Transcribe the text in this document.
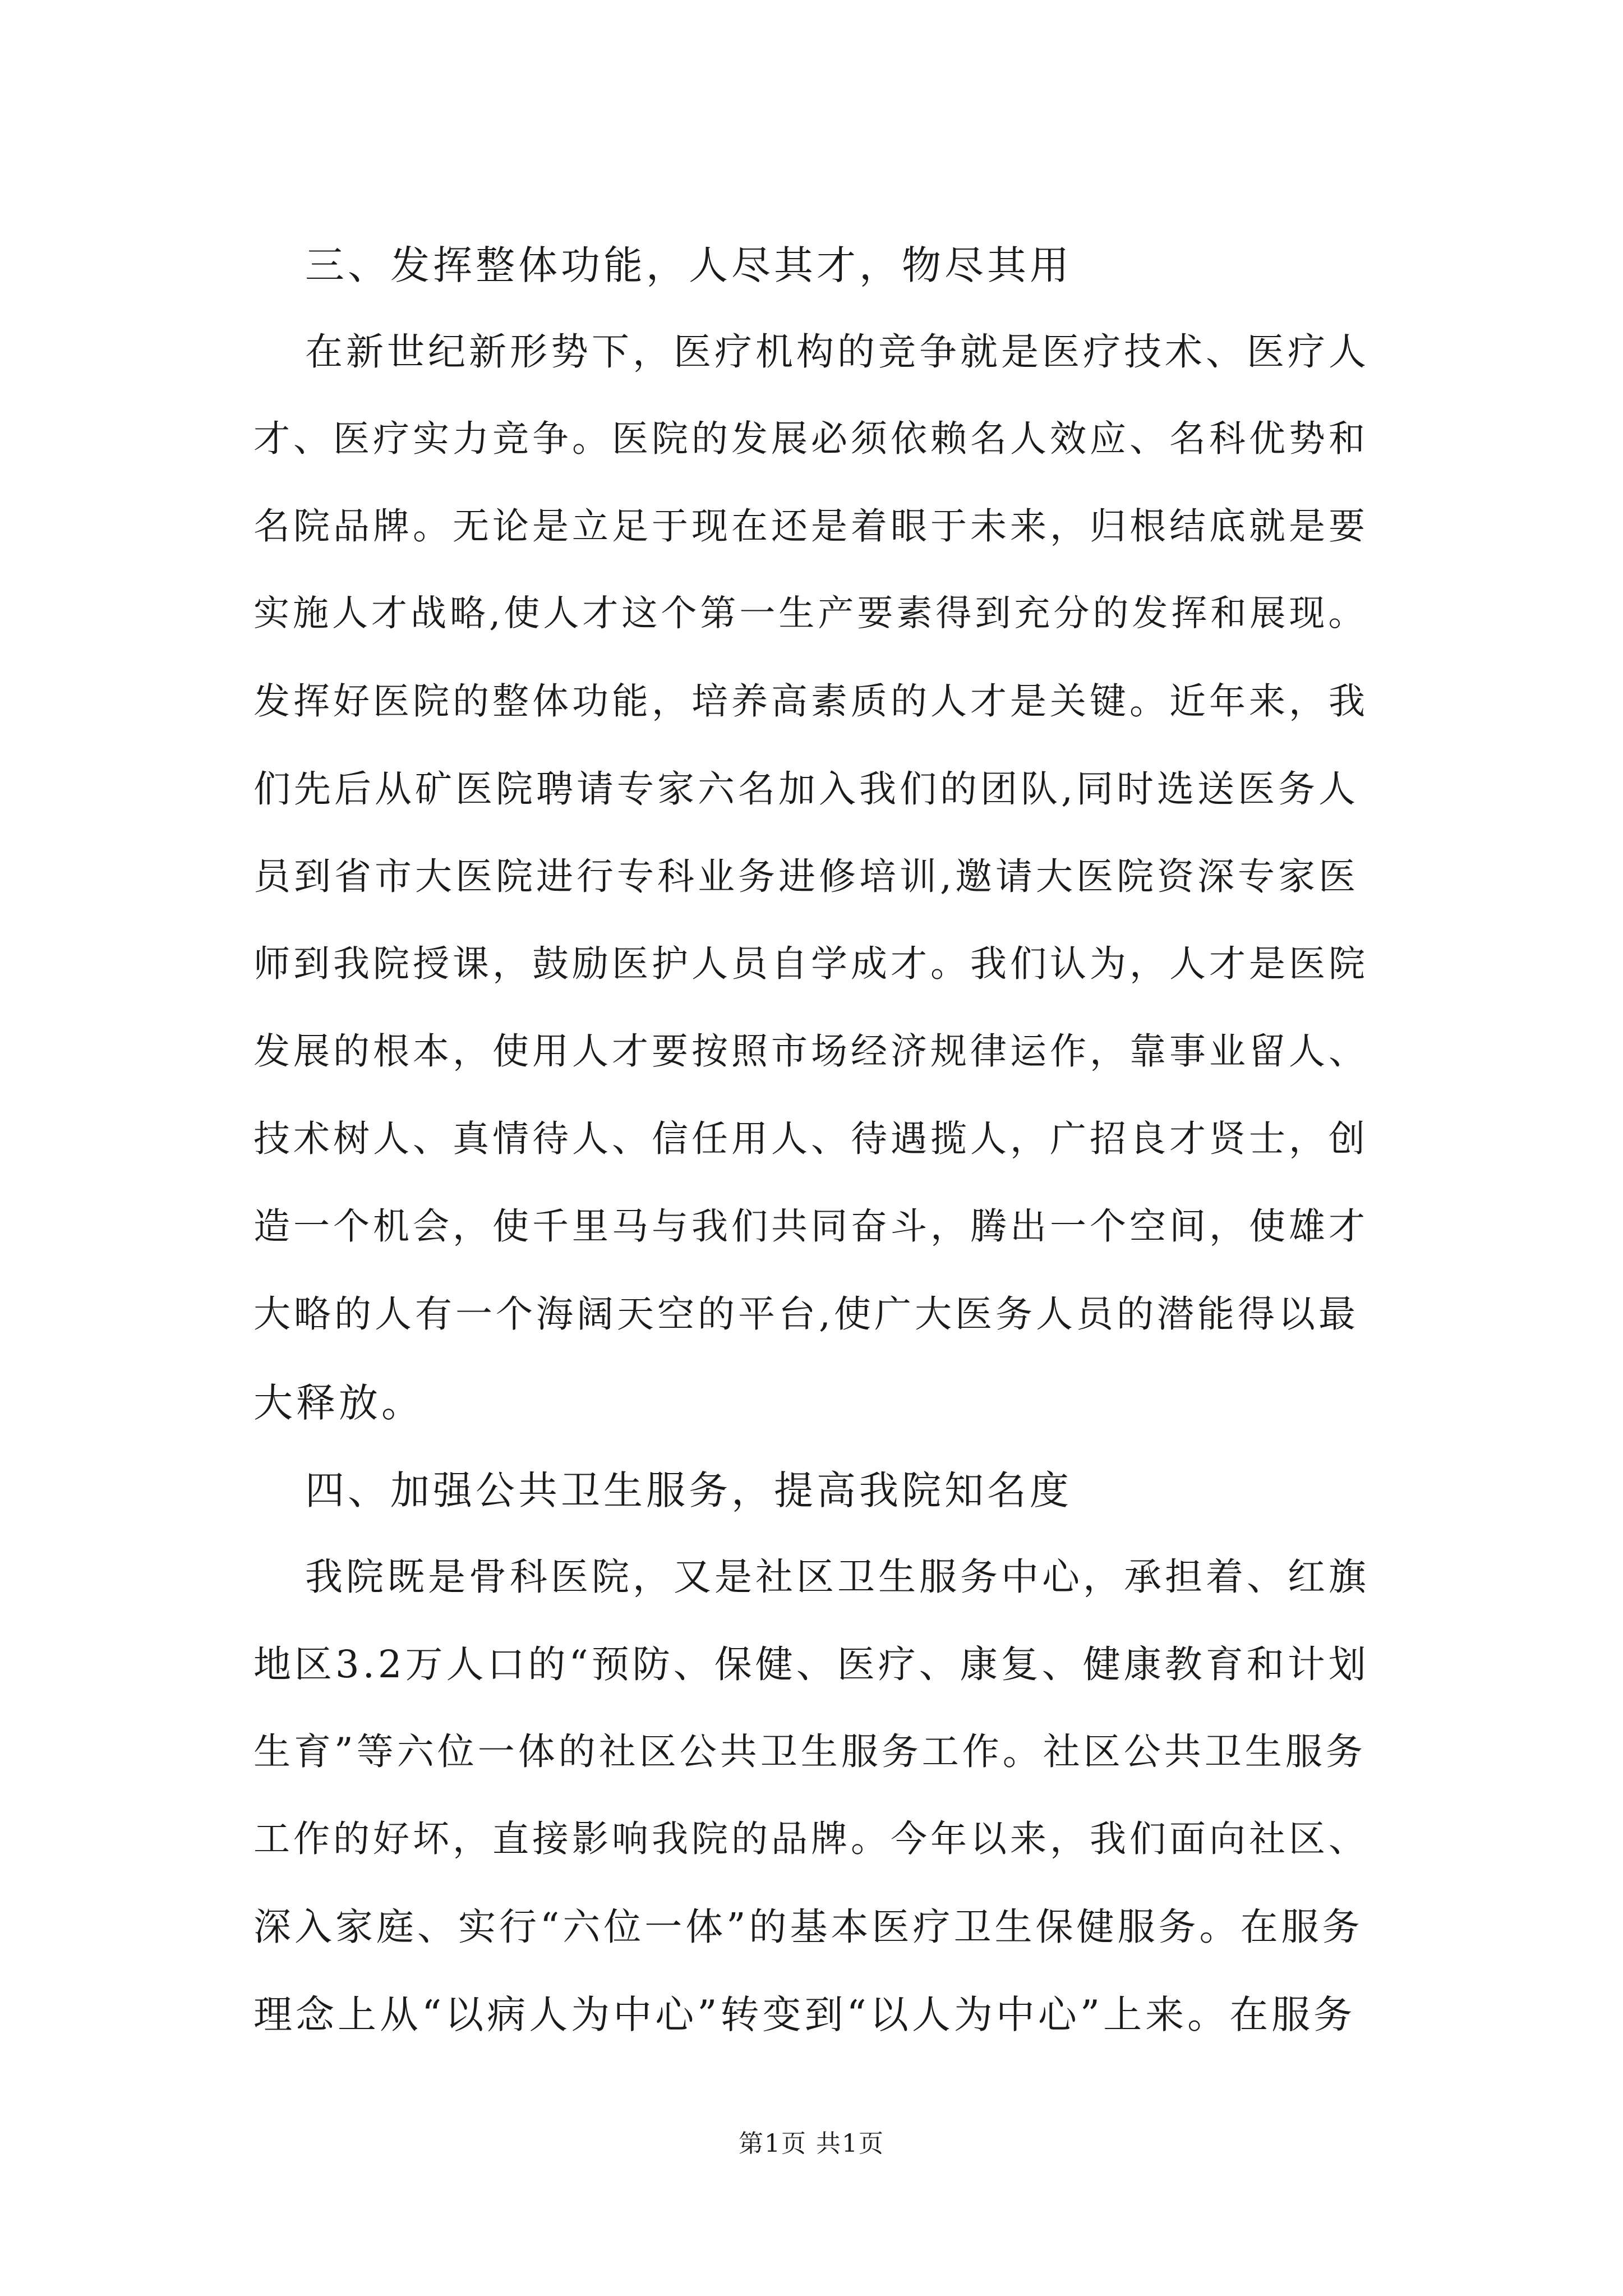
三、发挥整体功能，人尽其才，物尽其用
在新世纪新形势下，医疗机构的竞争就是医疗技术、医疗人
才、医疗实力竞争。医院的发展必须依赖名人效应、名科优势和
名院品牌。无论是立足于现在还是着眼于未来，归根结底就是要
实施人才战略,使人才这个第一生产要素得到充分的发挥和展现。
发挥好医院的整体功能，培养高素质的人才是关键。近年来，我
们先后从矿医院聘请专家六名加入我们的团队,同时选送医务人
员到省市大医院进行专科业务进修培训,邀请大医院资深专家医
师到我院授课，鼓励医护人员自学成才。我们认为，人才是医院
发展的根本，使用人才要按照市场经济规律运作，靠事业留人、
技术树人、真情待人、信任用人、待遇揽人，广招良才贤士，创
造一个机会，使千里马与我们共同奋斗，腾出一个空间，使雄才
大略的人有一个海阔天空的平台,使广大医务人员的潜能得以最
大释放。
四、加强公共卫生服务，提高我院知名度
我院既是骨科医院，又是社区卫生服务中心，承担着、红旗
地区3.2万人口的“预防、保健、医疗、康复、健康教育和计划
生育”等六位一体的社区公共卫生服务工作。社区公共卫生服务
工作的好坏，直接影响我院的品牌。今年以来，我们面向社区、
深入家庭、实行“六位一体”的基本医疗卫生保健服务。在服务
理念上从“以病人为中心”转变到“以人为中心”上来。在服务
第1页 共1页
